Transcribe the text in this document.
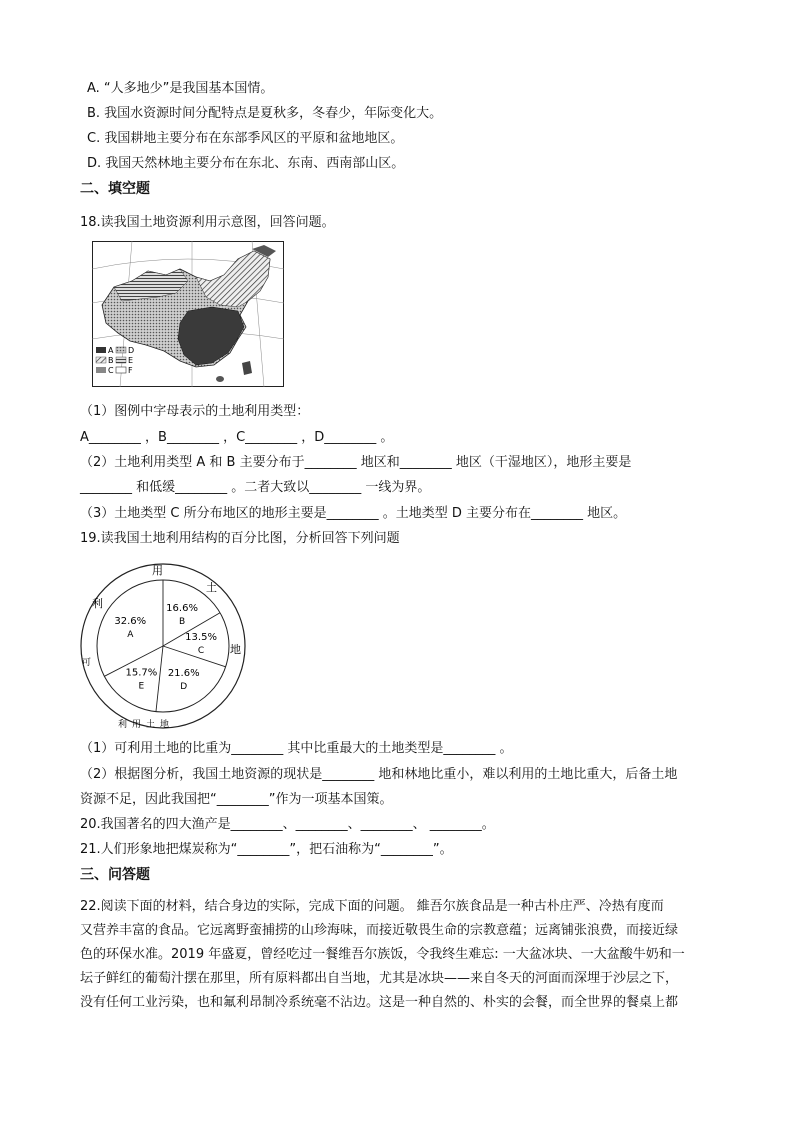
A. “人多地少”是我国基本国情。
B. 我国水资源时间分配特点是夏秋多，冬春少，年际变化大。
C. 我国耕地主要分布在东部季风区的平原和盆地地区。
D. 我国天然林地主要分布在东北、东南、西南部山区。
二、填空题
18.读我国土地资源利用示意图，回答问题。
A D
B E
C F
（1）图例中字母表示的土地利用类型：
A________ ，B________ ，C________ ，D________ 。
（2）土地利用类型 A 和 B 主要分布于________ 地区和________ 地区（干湿地区），地形主要是
________ 和低缓________ 。二者大致以________ 一线为界。
（3）土地类型 C 所分布地区的地形主要是________ 。土地类型 D 主要分布在________ 地区。
19.读我国土地利用结构的百分比图，分析回答下列问题
16.6%
B
13.5%
C
21.6%
D
15.7%
E
32.6%
A
用
土
地
利
可
利用土地
（1）可利用土地的比重为________ 其中比重最大的土地类型是________ 。
（2）根据图分析，我国土地资源的现状是________ 地和林地比重小，难以利用的土地比重大，后备土地
资源不足，因此我国把“________”作为一项基本国策。
20.我国著名的四大渔产是________、________、________、 ________。
21.人们形象地把煤炭称为“________”，把石油称为“________”。
三、问答题
22.阅读下面的材料，结合身边的实际，完成下面的问题。 維吾尔族食品是一种古朴庄严、冷热有度而
又营养丰富的食品。它远离野蛮捕捞的山珍海味，而接近敬畏生命的宗教意蕴；远离铺张浪费，而接近绿
色的环保水准。2019 年盛夏，曾经吃过一餐维吾尔族饭，令我终生难忘: 一大盆冰块、一大盆酸牛奶和一
坛子鲜红的葡萄汁摆在那里，所有原料都出自当地，尤其是冰块——来自冬天的河面而深埋于沙层之下，
没有任何工业污染，也和氟利昂制冷系统毫不沾边。这是一种自然的、朴实的会餐，而全世界的餐桌上都
